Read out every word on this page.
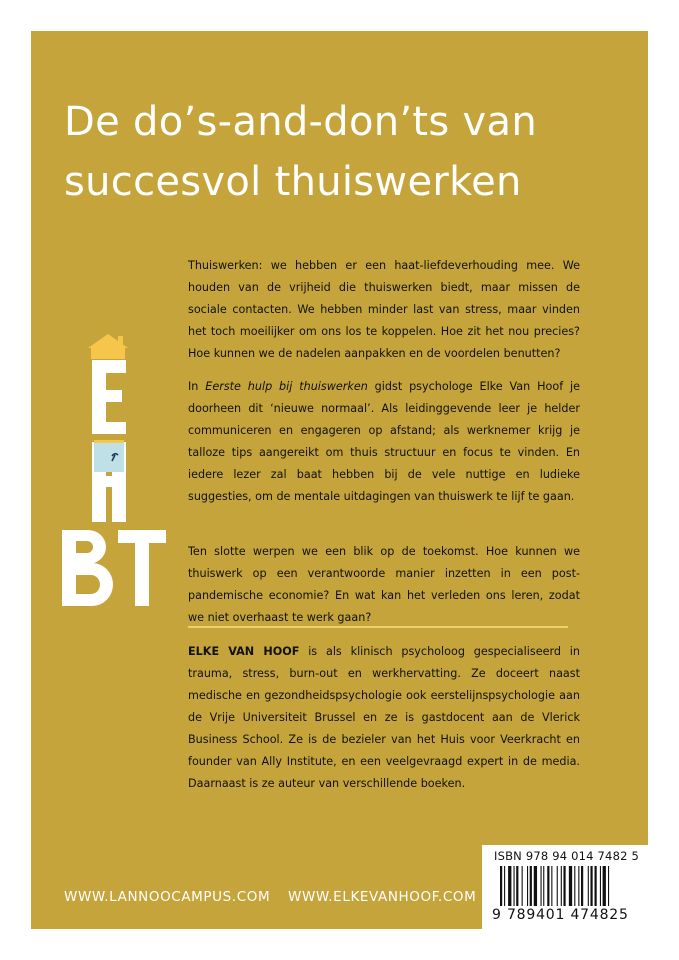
De do’s-and-don’ts van
succesvol thuiswerken

Thuiswerken: we hebben er een haat-liefdeverhouding mee. We houden van de vrijheid die thuiswerken biedt, maar missen de sociale contacten. We hebben minder last van stress, maar vinden het toch moeilijker om ons los te koppelen. Hoe zit het nou precies? Hoe kunnen we de nadelen aanpakken en de voordelen benutten?

In Eerste hulp bij thuiswerken gidst psychologe Elke Van Hoof je doorheen dit ‘nieuwe normaal’. Als leidinggevende leer je helder communiceren en engageren op afstand; als werknemer krijg je talloze tips aangereikt om thuis structuur en focus te vinden. En iedere lezer zal baat hebben bij de vele nuttige en ludieke suggesties, om de mentale uitdagingen van thuiswerk te lijf te gaan.

Ten slotte werpen we een blik op de toekomst. Hoe kunnen we thuiswerk op een verantwoorde manier inzetten in een post-pandemische economie? En wat kan het verleden ons leren, zodat we niet overhaast te werk gaan?

ELKE VAN HOOF is als klinisch psycholoog gespecialiseerd in trauma, stress, burn-out en werkhervatting. Ze doceert naast medische en gezondheidspsychologie ook eerstelijnspsychologie aan de Vrije Universiteit Brussel en ze is gastdocent aan de Vlerick Business School. Ze is de bezieler van het Huis voor Veerkracht en founder van Ally Institute, en een veelgevraagd expert in de media. Daarnaast is ze auteur van verschillende boeken.

WWW.LANNOOCAMPUS.COM WWW.ELKEVANHOOF.COM
ISBN 978 94 014 7482 5
9 789401 474825
